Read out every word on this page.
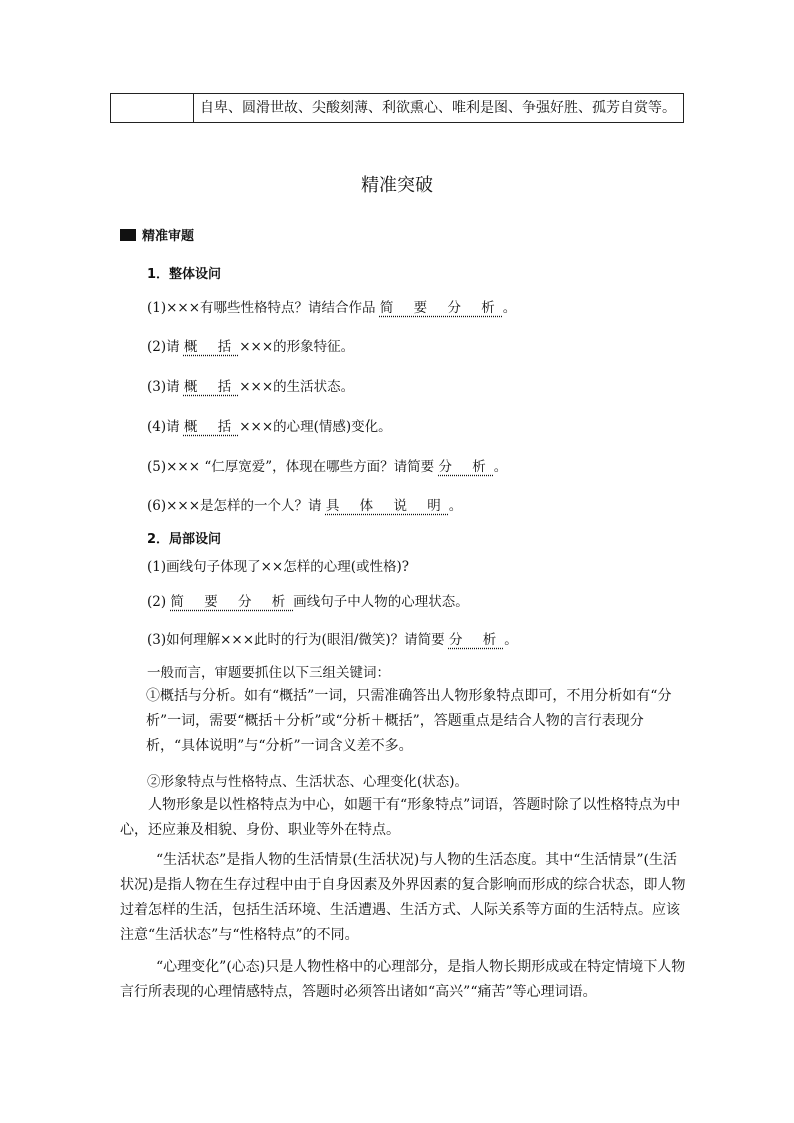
自卑、圆滑世故、尖酸刻薄、利欲熏心、唯利是图、争强好胜、孤芳自赏等。
精准突破
精准审题
1．整体设问
(1)×××有哪些性格特点？请结合作品 简 要 分 析。
(2)请 概 括×××的形象特征。
(3)请 概 括×××的生活状态。
(4)请 概 括×××的心理(情感)变化。
(5)××× “仁厚宽爱”，体现在哪些方面？请简要 分 析。
(6)×××是怎样的一个人？请 具 体 说 明。
2．局部设问
(1)画线句子体现了××怎样的心理(或性格)?
(2) 简 要 分 析画线句子中人物的心理状态。
(3)如何理解×××此时的行为(眼泪/微笑)？请简要 分 析。
一般而言，审题要抓住以下三组关键词：
①概括与分析。如有“概括”一词，只需准确答出人物形象特点即可，不用分析如有“分析”一词，需要“概括＋分析”或“分析＋概括”，答题重点是结合人物的言行表现分析，“具体说明”与“分析”一词含义差不多。
②形象特点与性格特点、生活状态、心理变化(状态)。
人物形象是以性格特点为中心，如题干有“形象特点”词语，答题时除了以性格特点为中心，还应兼及相貌、身份、职业等外在特点。
“生活状态”是指人物的生活情景(生活状况)与人物的生活态度。其中“生活情景”(生活状况)是指人物在生存过程中由于自身因素及外界因素的复合影响而形成的综合状态，即人物过着怎样的生活，包括生活环境、生活遭遇、生活方式、人际关系等方面的生活特点。应该注意“生活状态”与“性格特点”的不同。
“心理变化”(心态)只是人物性格中的心理部分，是指人物长期形成或在特定情境下人物言行所表现的心理情感特点，答题时必须答出诸如“高兴”“痛苦”等心理词语。
